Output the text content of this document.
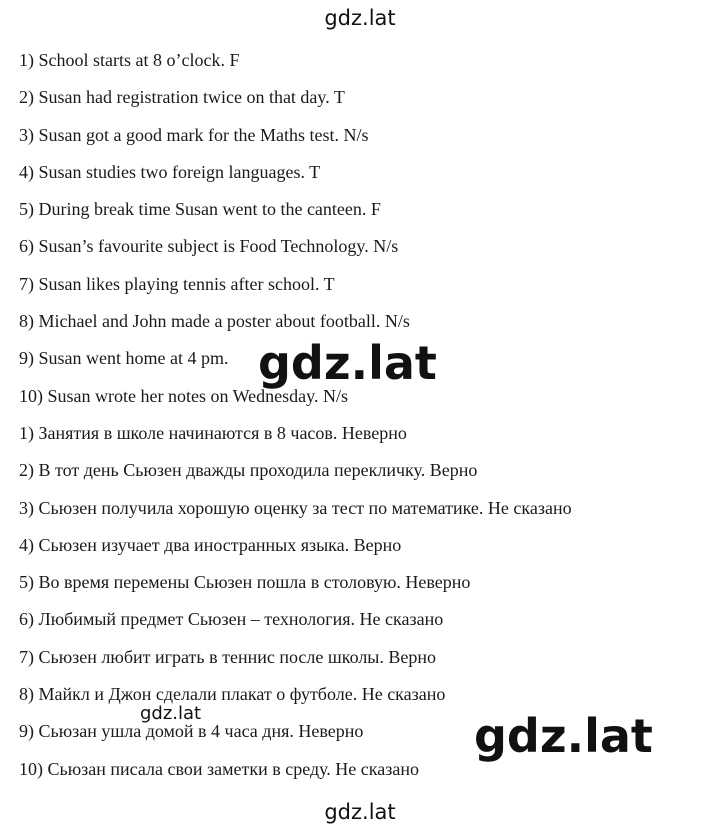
gdz.lat
1) School starts at 8 o’clock. F
2) Susan had registration twice on that day. T
3) Susan got a good mark for the Maths test. N/s
4) Susan studies two foreign languages. T
5) During break time Susan went to the canteen. F
6) Susan’s favourite subject is Food Technology. N/s
7) Susan likes playing tennis after school. T
8) Michael and John made a poster about football. N/s
9) Susan went home at 4 pm.
10) Susan wrote her notes on Wednesday. N/s
1) Занятия в школе начинаются в 8 часов. Неверно
2) В тот день Сьюзен дважды проходила перекличку. Верно
3) Сьюзен получила хорошую оценку за тест по математике. Не сказано
4) Сьюзен изучает два иностранных языка. Верно
5) Во время перемены Сьюзен пошла в столовую. Неверно
6) Любимый предмет Сьюзен – технология. Не сказано
7) Сьюзен любит играть в теннис после школы. Верно
8) Майкл и Джон сделали плакат о футболе. Не сказано
9) Сьюзан ушла домой в 4 часа дня. Неверно
10) Сьюзан писала свои заметки в среду. Не сказано
gdz.lat
gdz.lat	gdz.lat
gdz.lat
